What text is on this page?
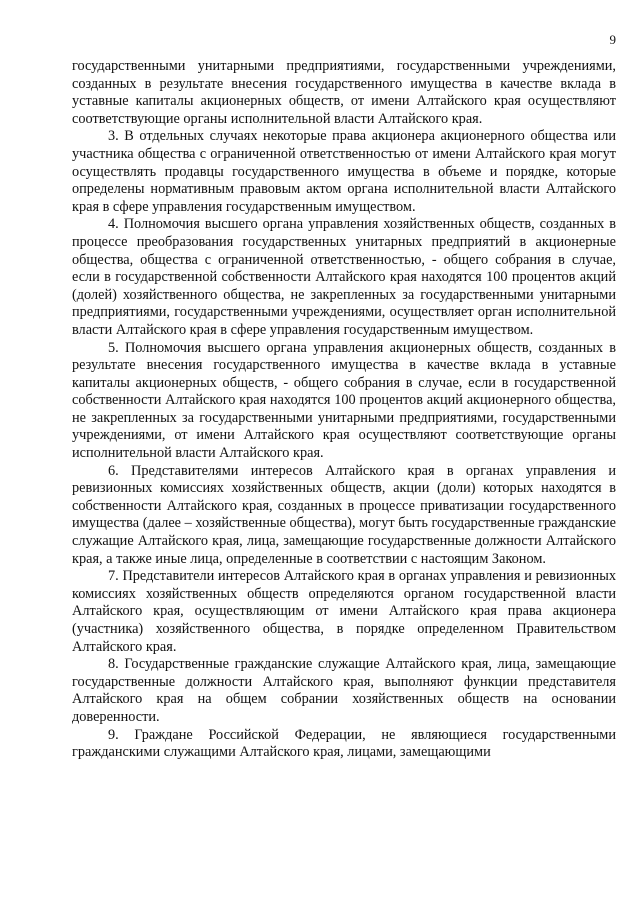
9

государственными унитарными предприятиями, государственными учреждениями, созданных в результате внесения государственного имущества в качестве вклада в уставные капиталы акционерных обществ, от имени Алтайского края осуществляют соответствующие органы исполнительной власти Алтайского края.

3. В отдельных случаях некоторые права акционера акционерного общества или участника общества с ограниченной ответственностью от имени Алтайского края могут осуществлять продавцы государственного имущества в объеме и порядке, которые определены нормативным правовым актом органа исполнительной власти Алтайского края в сфере управления государственным имуществом.

4. Полномочия высшего органа управления хозяйственных обществ, созданных в процессе преобразования государственных унитарных предприятий в акционерные общества, общества с ограниченной ответственностью, - общего собрания в случае, если в государственной собственности Алтайского края находятся 100 процентов акций (долей) хозяйственного общества, не закрепленных за государственными унитарными предприятиями, государственными учреждениями, осуществляет орган исполнительной власти Алтайского края в сфере управления государственным имуществом.

5. Полномочия высшего органа управления акционерных обществ, созданных в результате внесения государственного имущества в качестве вклада в уставные капиталы акционерных обществ, - общего собрания в случае, если в государственной собственности Алтайского края находятся 100 процентов акций акционерного общества, не закрепленных за государственными унитарными предприятиями, государственными учреждениями, от имени Алтайского края осуществляют соответствующие органы исполнительной власти Алтайского края.

6. Представителями интересов Алтайского края в органах управления и ревизионных комиссиях хозяйственных обществ, акции (доли) которых находятся в собственности Алтайского края, созданных в процессе приватизации государственного имущества (далее – хозяйственные общества), могут быть государственные гражданские служащие Алтайского края, лица, замещающие государственные должности Алтайского края, а также иные лица, определенные в соответствии с настоящим Законом.

7. Представители интересов Алтайского края в органах управления и ревизионных комиссиях хозяйственных обществ определяются органом государственной власти Алтайского края, осуществляющим от имени Алтайского края права акционера (участника) хозяйственного общества, в порядке определенном Правительством Алтайского края.

8. Государственные гражданские служащие Алтайского края, лица, замещающие государственные должности Алтайского края, выполняют функции представителя Алтайского края на общем собрании хозяйственных обществ на основании доверенности.

9. Граждане Российской Федерации, не являющиеся государственными гражданскими служащими Алтайского края, лицами, замещающими
